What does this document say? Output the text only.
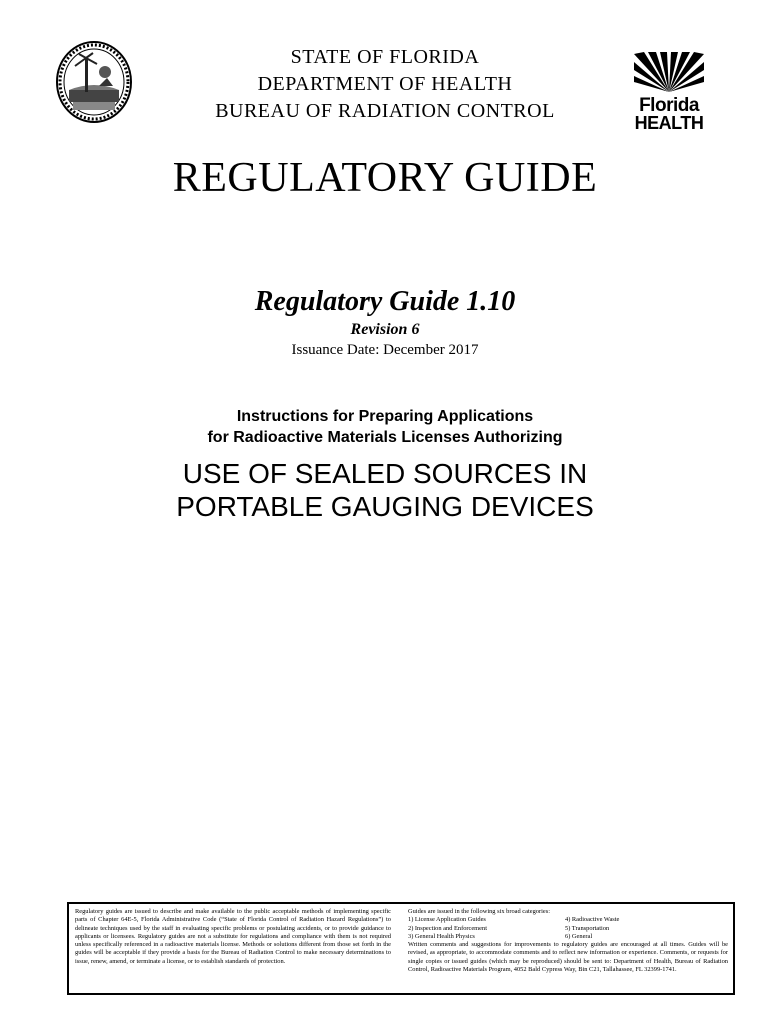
STATE OF FLORIDA
DEPARTMENT OF HEALTH
BUREAU OF RADIATION CONTROL	Florida
HEALTH
REGULATORY GUIDE
Regulatory Guide 1.10
Revision 6
Issuance Date: December 2017
Instructions for Preparing Applications
for Radioactive Materials Licenses Authorizing
USE OF SEALED SOURCES IN
PORTABLE GAUGING DEVICES
Regulatory guides are issued to describe and make available to the public acceptable methods of implementing specific parts of Chapter 64E-5, Florida Administrative Code (“State of Florida Control of Radiation Hazard Regulations”) to delineate techniques used by the staff in evaluating specific problems or postulating accidents, or to provide guidance to applicants or licensees. Regulatory guides are not a substitute for regulations and compliance with them is not required unless specifically referenced in a radioactive materials license. Methods or solutions different from those set forth in the guides will be acceptable if they provide a basis for the Bureau of Radiation Control to make necessary determinations to issue, renew, amend, or terminate a license, or to establish standards of protection.
Guides are issued in the following six broad categories:
1) License Application Guides	4) Radioactive Waste
2) Inspection and Enforcement	5) Transportation
3) General Health Physics	6) General
Written comments and suggestions for improvements to regulatory guides are encouraged at all times. Guides will be revised, as appropriate, to accommodate comments and to reflect new information or experience. Comments, or requests for single copies or issued guides (which may be reproduced) should be sent to: Department of Health, Bureau of Radiation Control, Radioactive Materials Program, 4052 Bald Cypress Way, Bin C21, Tallahassee, FL 32399-1741.
